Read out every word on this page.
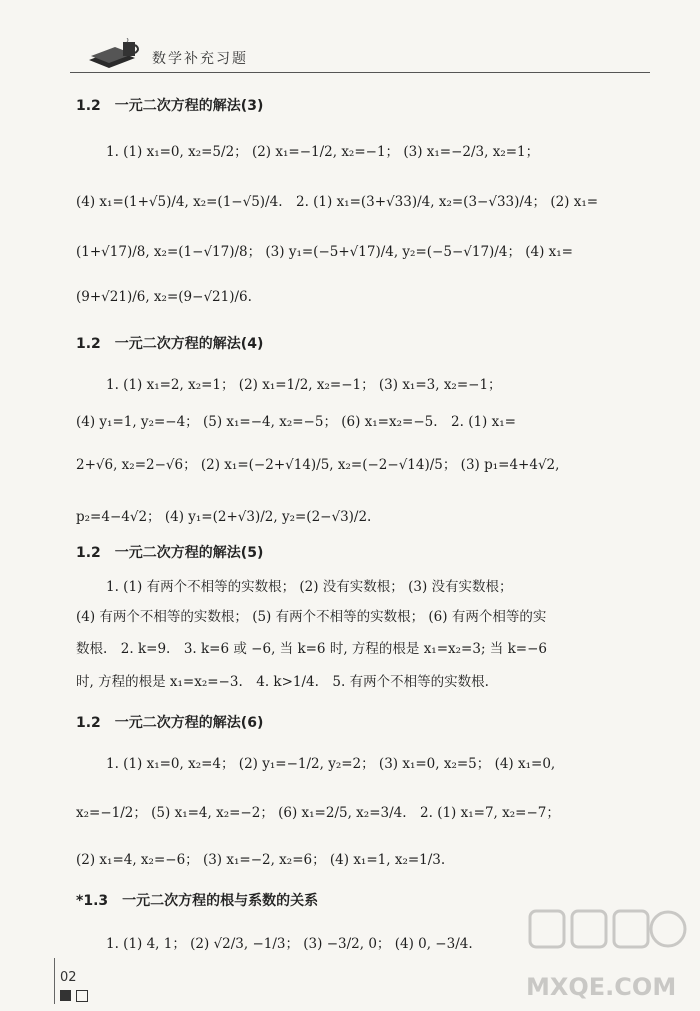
数学补充习题
1.2　一元二次方程的解法(3)
1. (1) x₁=0, x₂=5/2； (2) x₁=−1/2, x₂=−1； (3) x₁=−2/3, x₂=1；
(4) x₁=(1+√5)/4, x₂=(1−√5)/4.　2. (1) x₁=(3+√33)/4, x₂=(3−√33)/4； (2) x₁=
(1+√17)/8, x₂=(1−√17)/8； (3) y₁=(−5+√17)/4, y₂=(−5−√17)/4； (4) x₁=
(9+√21)/6, x₂=(9−√21)/6.
1.2　一元二次方程的解法(4)
1. (1) x₁=2, x₂=1； (2) x₁=1/2, x₂=−1； (3) x₁=3, x₂=−1；
(4) y₁=1, y₂=−4； (5) x₁=−4, x₂=−5； (6) x₁=x₂=−5.　2. (1) x₁=
2+√6, x₂=2−√6； (2) x₁=(−2+√14)/5, x₂=(−2−√14)/5； (3) p₁=4+4√2,
p₂=4−4√2； (4) y₁=(2+√3)/2, y₂=(2−√3)/2.
1.2　一元二次方程的解法(5)
1. (1) 有两个不相等的实数根； (2) 没有实数根； (3) 没有实数根；
(4) 有两个不相等的实数根； (5) 有两个不相等的实数根； (6) 有两个相等的实
数根.　2. k=9.　3. k=6 或 −6, 当 k=6 时, 方程的根是 x₁=x₂=3; 当 k=−6
时, 方程的根是 x₁=x₂=−3.　4. k>1/4.　5. 有两个不相等的实数根.
1.2　一元二次方程的解法(6)
1. (1) x₁=0, x₂=4； (2) y₁=−1/2, y₂=2； (3) x₁=0, x₂=5； (4) x₁=0,
x₂=−1/2； (5) x₁=4, x₂=−2； (6) x₁=2/5, x₂=3/4.　2. (1) x₁=7, x₂=−7；
(2) x₁=4, x₂=−6； (3) x₁=−2, x₂=6； (4) x₁=1, x₂=1/3.
*1.3　一元二次方程的根与系数的关系
1. (1) 4, 1； (2) √2/3, −1/3； (3) −3/2, 0； (4) 0, −3/4.
02	MXQE.COM
